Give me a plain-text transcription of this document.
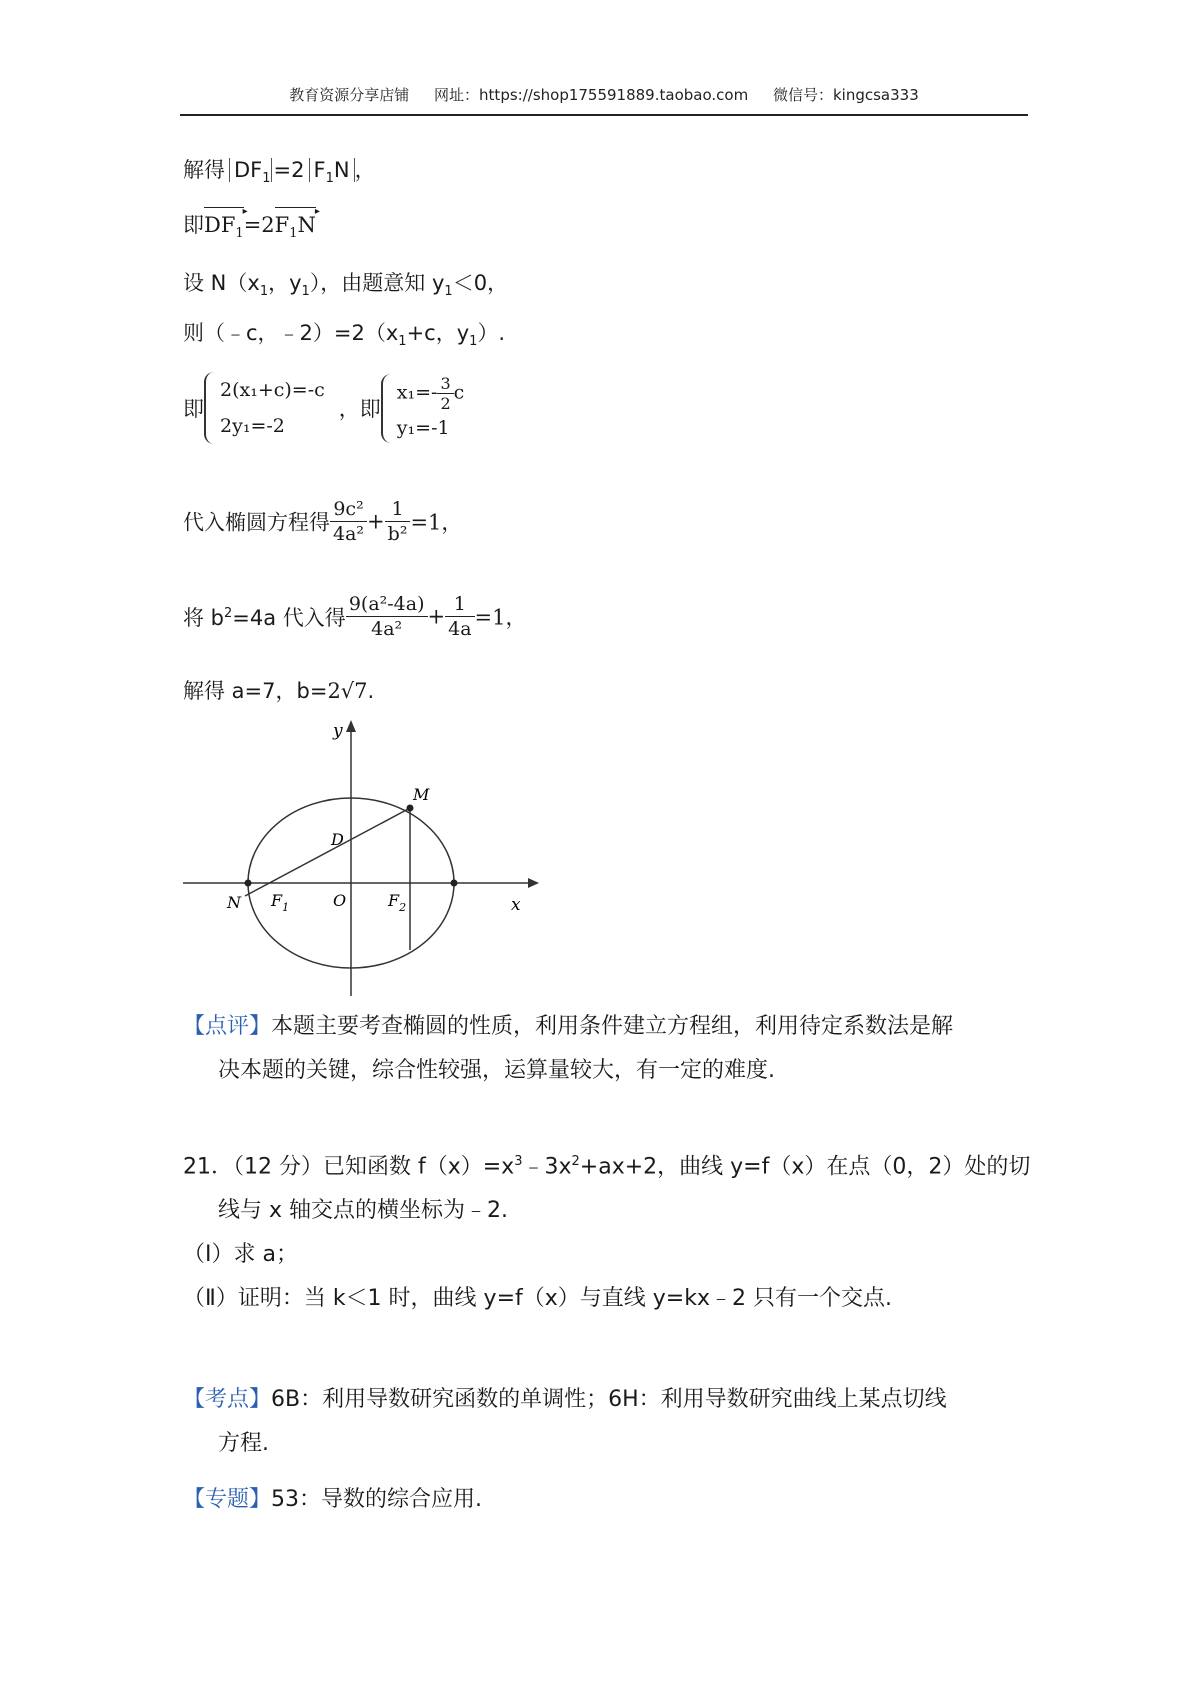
教育资源分享店铺 网址：https://shop175591889.taobao.com 微信号：kingcsa333
解得 $DF_1 =2$ $F_1N$ ，
即$DF_1$ $▸=2F_1N$ ▸
设 $N(x_1$，$y_1$），由题意知 $y_1<0$，
则（﹣c，$﹣2)=2(x_1+c$，$y_1$）.
即
2(x₁+c)=-c
2y₁=-2
，即
$x_1=- \frac{3}{2}$ c
y₁=-1
代入椭圆方程得 $\frac{\text{9c²}}{\text{4a²}} + \frac{1}{\text{b²}} =1$，
将 $b^2=4a$ 代入得 $\frac{\text{9(a²-4a)}}{\text{4a²}} + \frac{1}{4a} =1$，
解得 a=7，b=2√7.
y
x
M
D
N $F_1$	O	$F_2$
【点评】本题主要考查椭圆的性质，利用条件建立方程组，利用待定系数法是解
决本题的关键，综合性较强，运算量较大，有一定的难度.
21．（12 分）已知函数 $f(x)=x^3﹣3x^2+ax+2$，曲线 y=f（x）在点（0，2）处的切
线与 x 轴交点的横坐标为﹣2.
（Ⅰ）求 a；
（Ⅱ）证明：当 k＜1 时，曲线 y=f（x）与直线 y=kx﹣2 只有一个交点.
【考点】6B：利用导数研究函数的单调性；6H：利用导数研究曲线上某点切线
方程.
【专题】53：导数的综合应用.
